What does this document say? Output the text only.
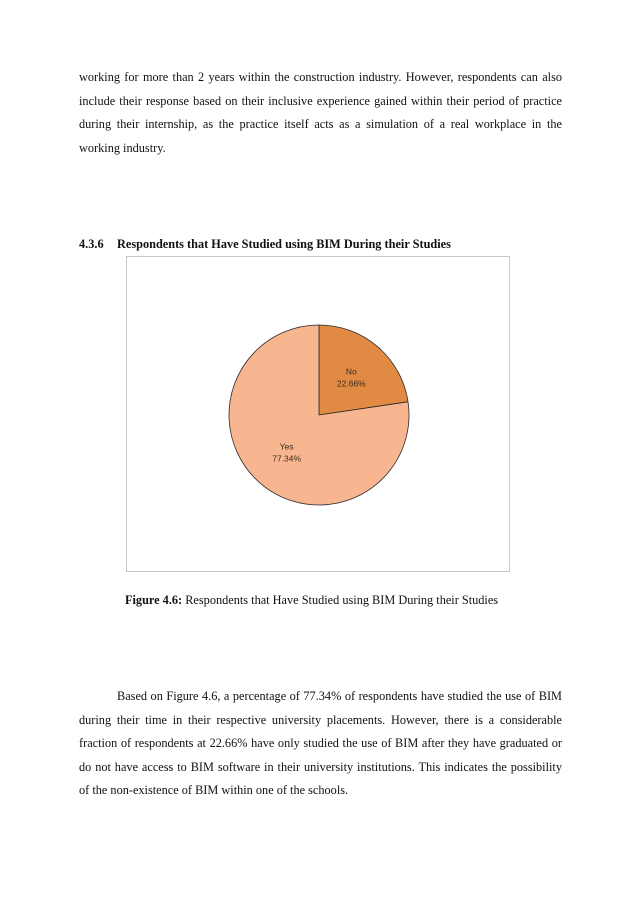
working for more than 2 years within the construction industry. However, respondents can also include their response based on their inclusive experience gained within their period of practice during their internship, as the practice itself acts as a simulation of a real workplace in the working industry.

4.3.6 Respondents that Have Studied using BIM During their Studies
No
22.66%
Yes
77.34%

Figure 4.6: Respondents that Have Studied using BIM During their Studies

Based on Figure 4.6, a percentage of 77.34% of respondents have studied the use of BIM during their time in their respective university placements. However, there is a considerable fraction of respondents at 22.66% have only studied the use of BIM after they have graduated or do not have access to BIM software in their university institutions. This indicates the possibility of the non-existence of BIM within one of the schools.
